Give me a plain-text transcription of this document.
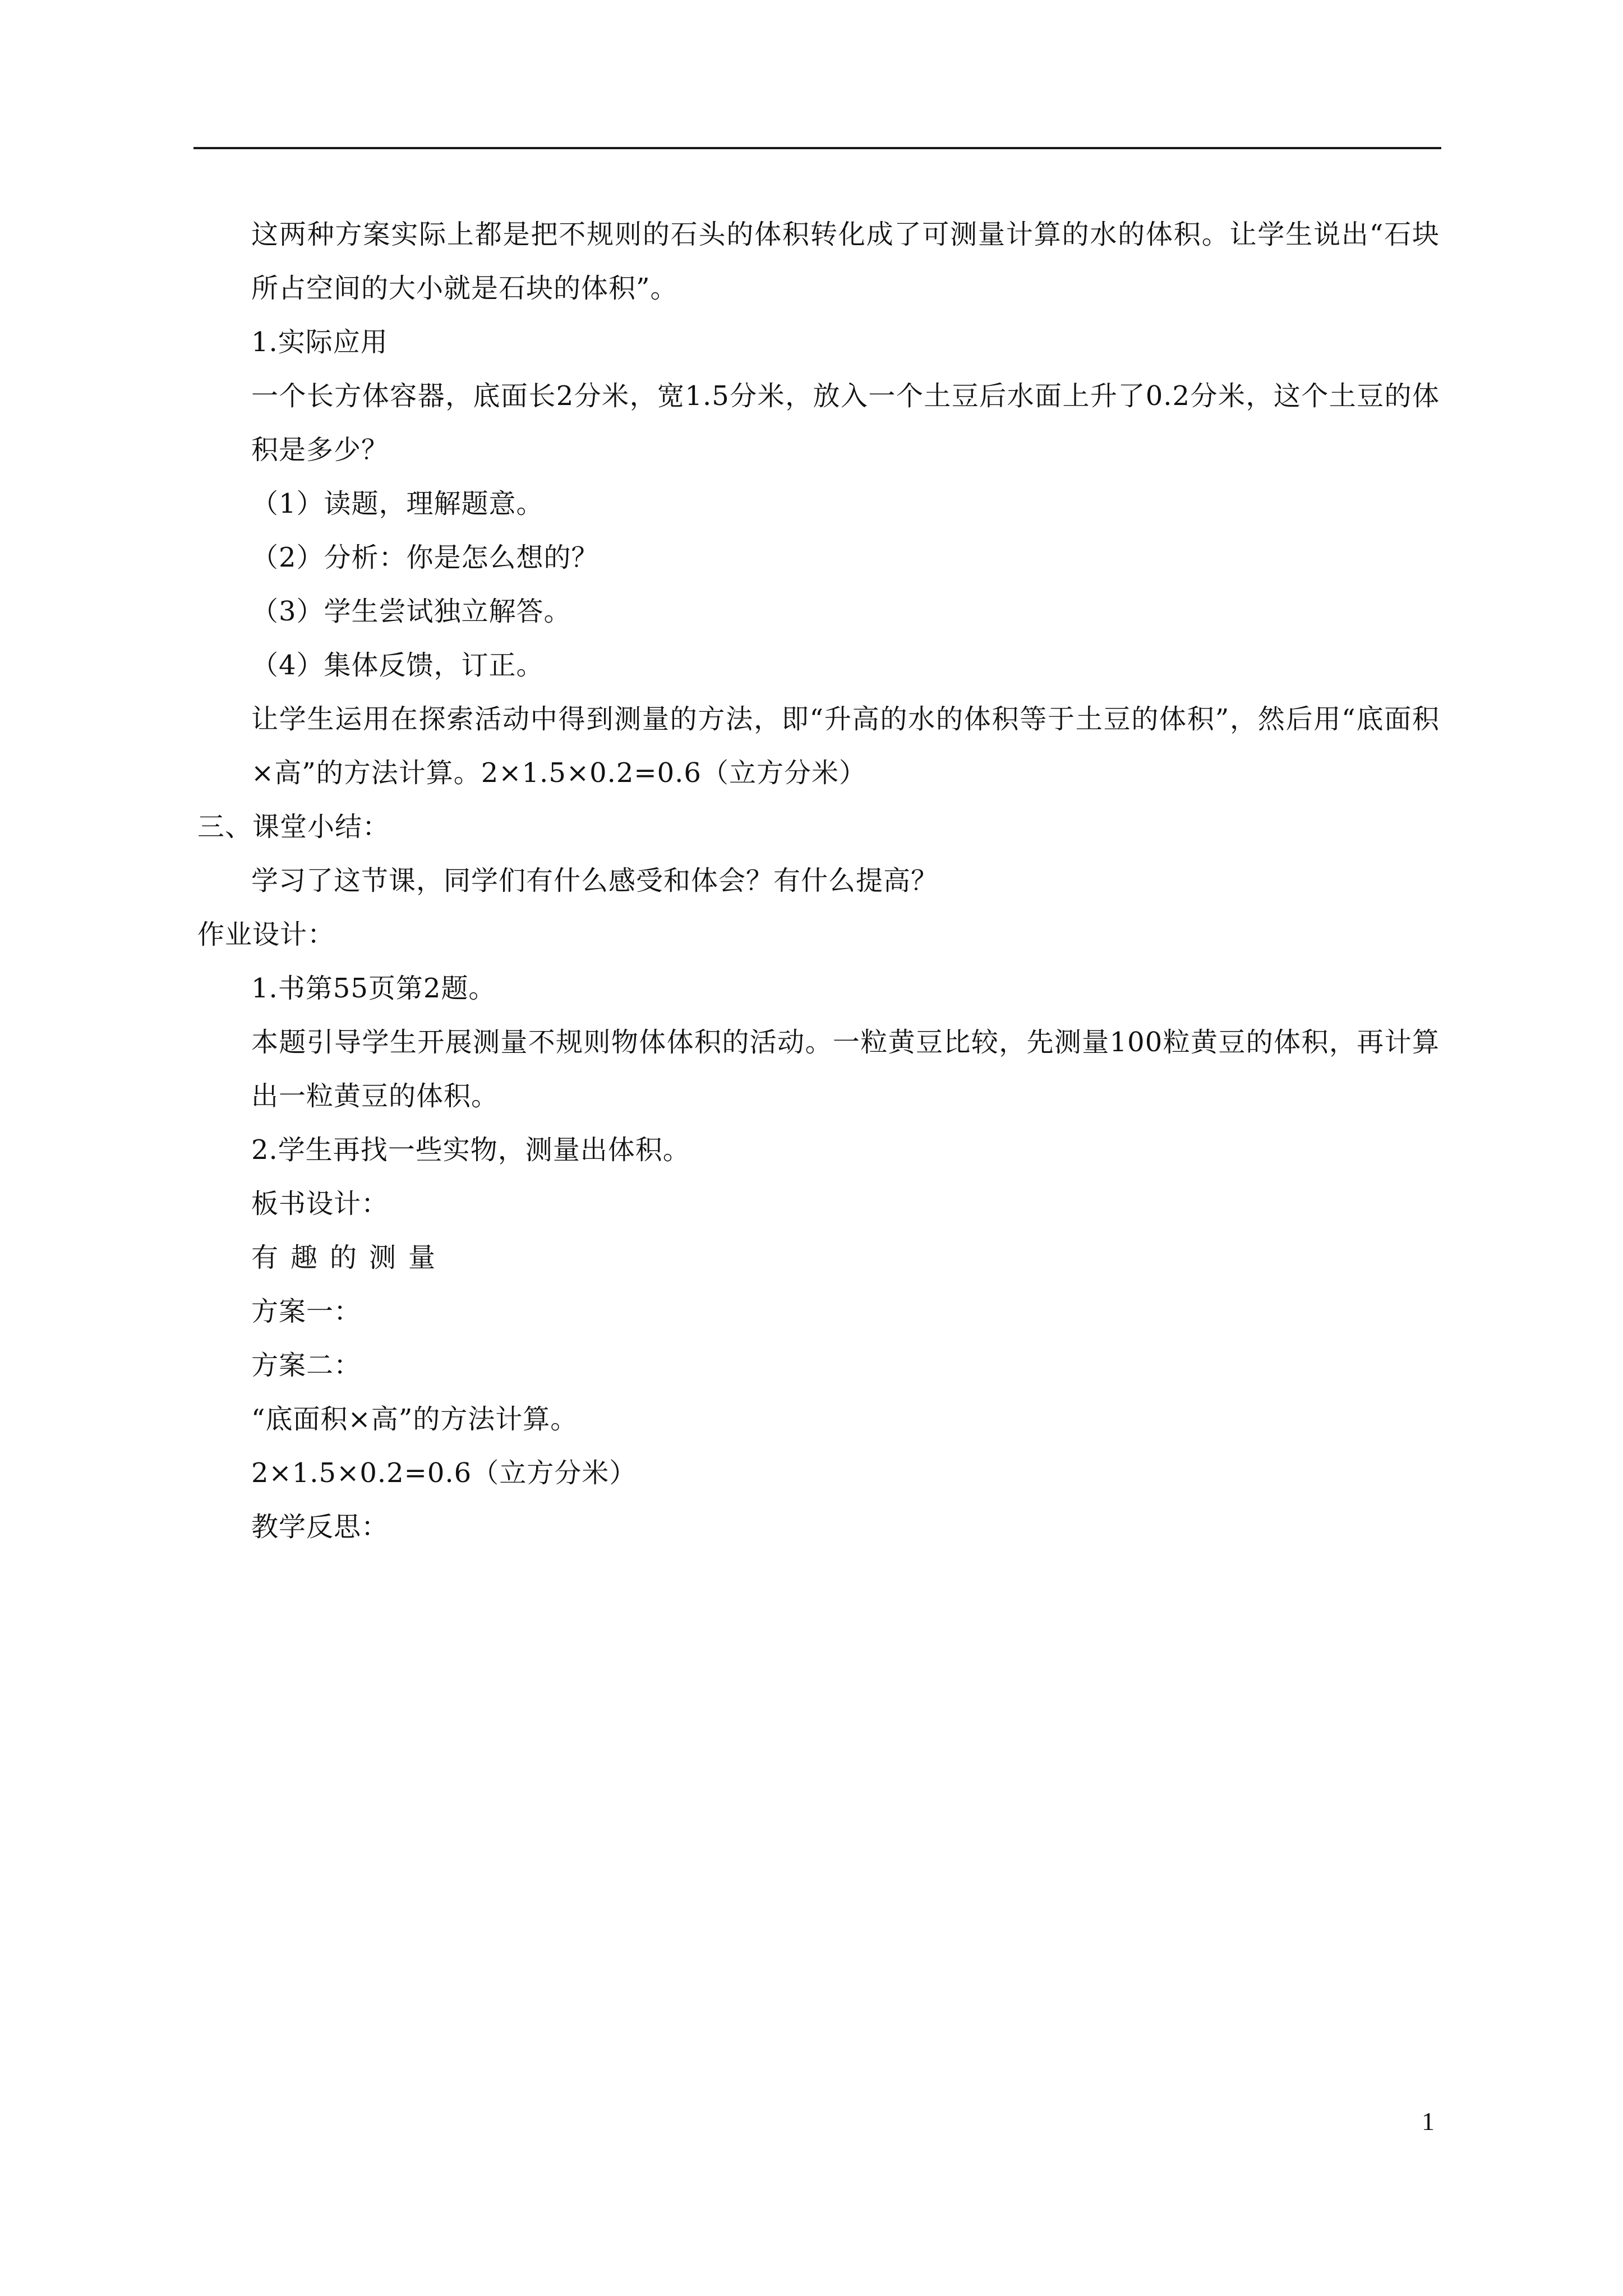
这两种方案实际上都是把不规则的石头的体积转化成了可测量计算的水的体积。让学生说出“石块所占空间的大小就是石块的体积”。

1.实际应用

一个长方体容器，底面长2分米，宽1.5分米，放入一个土豆后水面上升了0.2分米，这个土豆的体积是多少？

（1）读题，理解题意。

（2）分析：你是怎么想的？

（3）学生尝试独立解答。

（4）集体反馈，订正。

让学生运用在探索活动中得到测量的方法，即“升高的水的体积等于土豆的体积”，然后用“底面积×高”的方法计算。2×1.5×0.2=0.6（立方分米）

三、课堂小结：

学习了这节课，同学们有什么感受和体会？有什么提高？

作业设计：

1.书第55页第2题。

本题引导学生开展测量不规则物体体积的活动。一粒黄豆比较，先测量100粒黄豆的体积，再计算出一粒黄豆的体积。

2.学生再找一些实物，测量出体积。

板书设计：

有趣的测量

方案一：

方案二：

“底面积×高”的方法计算。

2×1.5×0.2=0.6（立方分米）

教学反思：

1
